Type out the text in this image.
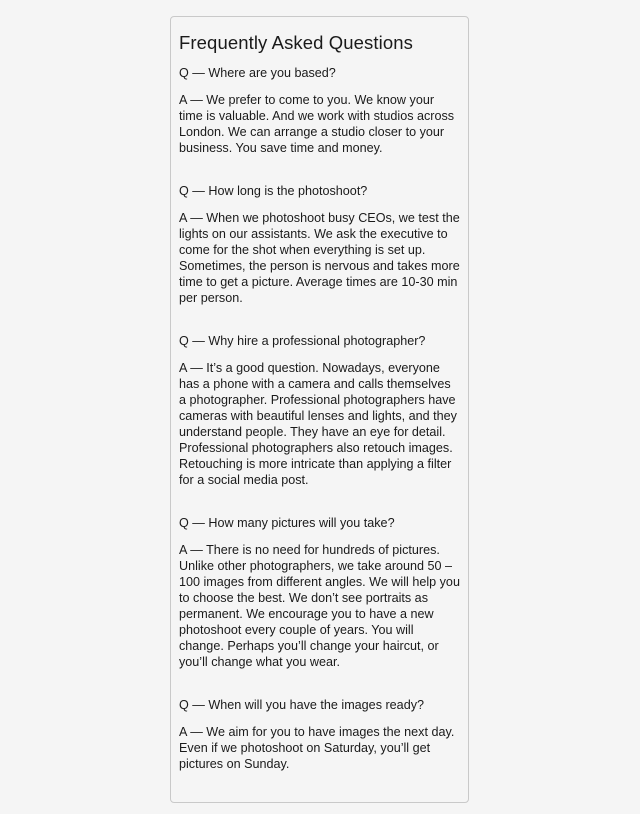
Frequently Asked Questions

Q — Where are you based?

A — We prefer to come to you. We know your time is valuable. And we work with studios across London. We can arrange a studio closer to your business. You save time and money.

Q — How long is the photoshoot?

A — When we photoshoot busy CEOs, we test the lights on our assistants. We ask the executive to come for the shot when everything is set up. Sometimes, the person is nervous and takes more time to get a picture. Average times are 10-30 min per person.

Q — Why hire a professional photographer?

A — It’s a good question. Nowadays, everyone has a phone with a camera and calls themselves a photographer. Professional photographers have cameras with beautiful lenses and lights, and they understand people. They have an eye for detail. Professional photographers also retouch images. Retouching is more intricate than applying a filter for a social media post.

Q — How many pictures will you take?

A — There is no need for hundreds of pictures. Unlike other photographers, we take around 50 – 100 images from different angles. We will help you to choose the best. We don’t see portraits as permanent. We encourage you to have a new photoshoot every couple of years. You will change. Perhaps you’ll change your haircut, or you’ll change what you wear.

Q — When will you have the images ready?

A — We aim for you to have images the next day. Even if we photoshoot on Saturday, you’ll get pictures on Sunday.
